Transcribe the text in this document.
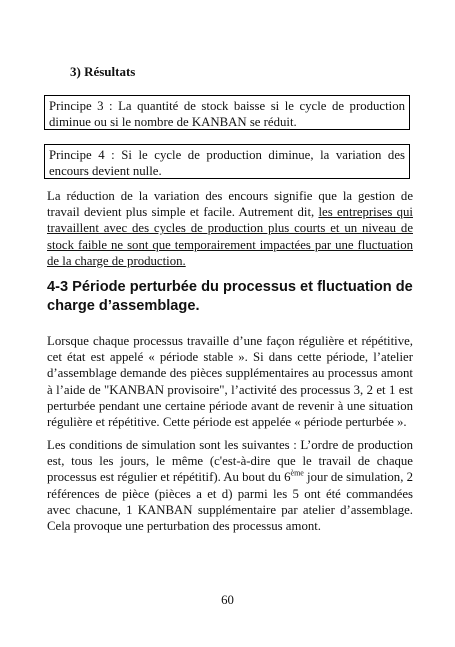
3) Résultats
Principe 3 : La quantité de stock baisse si le cycle de production diminue ou si le nombre de KANBAN se réduit.
Principe 4 : Si le cycle de production diminue, la variation des encours devient nulle.
La réduction de la variation des encours signifie que la gestion de travail devient plus simple et facile. Autrement dit, les entreprises qui travaillent avec des cycles de production plus courts et un niveau de stock faible ne sont que temporairement impactées par une fluctuation de la charge de production.
4-3 Période perturbée du processus et fluctuation de charge d’assemblage.
Lorsque chaque processus travaille d’une façon régulière et répétitive, cet état est appelé « période stable ». Si dans cette période, l’atelier d’assemblage demande des pièces supplémentaires au processus amont à l’aide de "KANBAN provisoire", l’activité des processus 3, 2 et 1 est perturbée pendant une certaine période avant de revenir à une situation régulière et répétitive. Cette période est appelée « période perturbée ».
Les conditions de simulation sont les suivantes : L’ordre de production est, tous les jours, le même (c'est-à-dire que le travail de chaque processus est régulier et répétitif). Au bout du 6ème jour de simulation, 2 références de pièce (pièces a et d) parmi les 5 ont été commandées avec chacune, 1 KANBAN supplémentaire par atelier d’assemblage. Cela provoque une perturbation des processus amont.
60
